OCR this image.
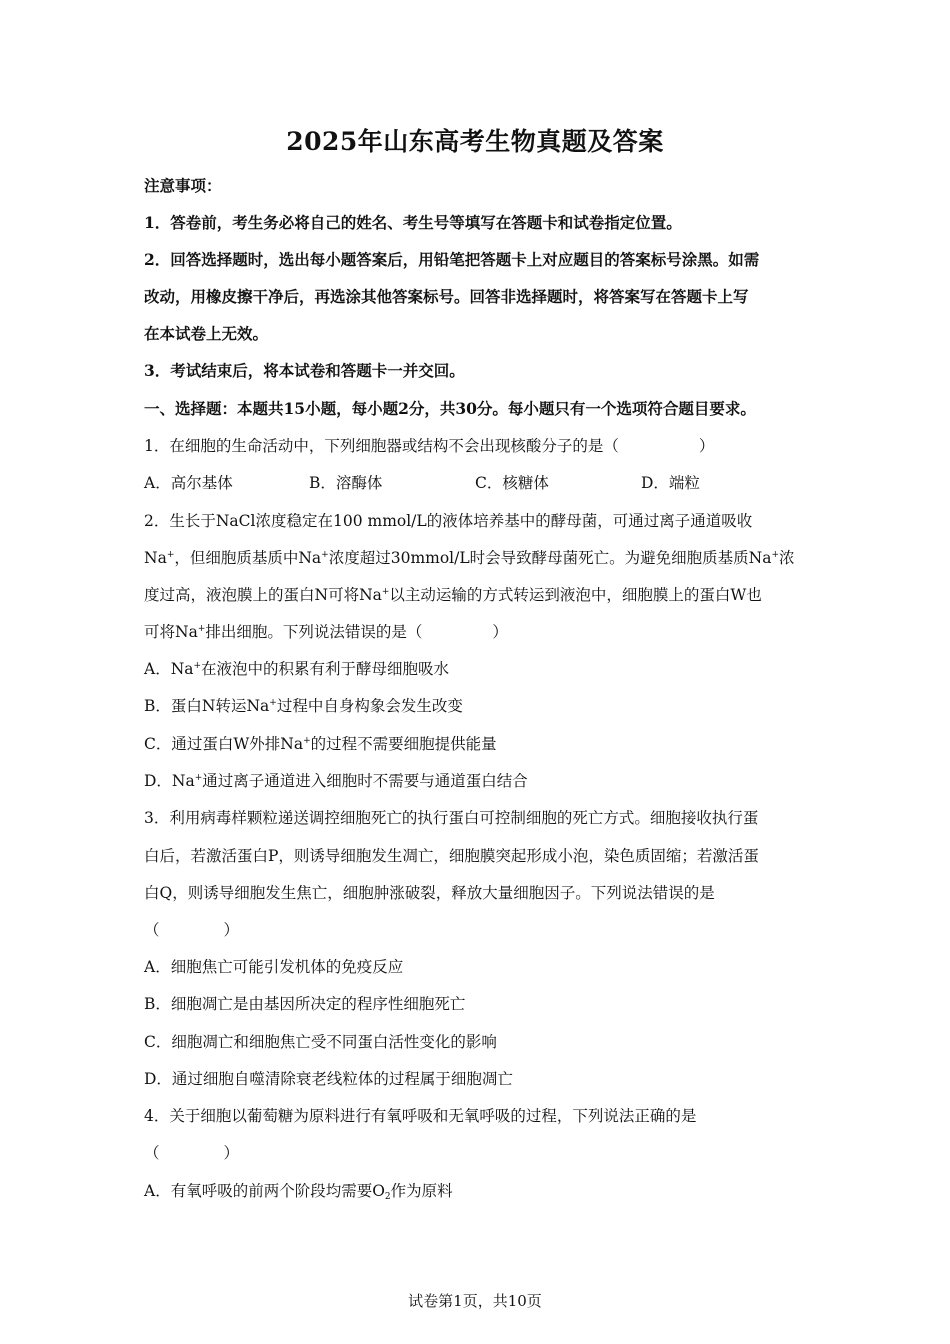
2025年山东高考生物真题及答案
注意事项：
1．答卷前，考生务必将自己的姓名、考生号等填写在答题卡和试卷指定位置。
2．回答选择题时，选出每小题答案后，用铅笔把答题卡上对应题目的答案标号涂黑。如需
改动，用橡皮擦干净后，再选涂其他答案标号。回答非选择题时，将答案写在答题卡上写
在本试卷上无效。
3．考试结束后，将本试卷和答题卡一并交回。
一、选择题：本题共15小题，每小题2分，共30分。每小题只有一个选项符合题目要求。
1．在细胞的生命活动中，下列细胞器或结构不会出现核酸分子的是（	）
A．高尔基体	B．溶酶体	C．核糖体	D．端粒
2．生长于NaCl浓度稳定在100 mmol/L的液体培养基中的酵母菌，可通过离子通道吸收
Na+，但细胞质基质中Na+浓度超过30mmol/L时会导致酵母菌死亡。为避免细胞质基质Na+浓
度过高，液泡膜上的蛋白N可将Na+以主动运输的方式转运到液泡中，细胞膜上的蛋白W也
可将Na+排出细胞。下列说法错误的是（	）
A．Na+在液泡中的积累有利于酵母细胞吸水
B．蛋白N转运Na+过程中自身构象会发生改变
C．通过蛋白W外排Na+的过程不需要细胞提供能量
D．Na+通过离子通道进入细胞时不需要与通道蛋白结合
3．利用病毒样颗粒递送调控细胞死亡的执行蛋白可控制细胞的死亡方式。细胞接收执行蛋
白后，若激活蛋白P，则诱导细胞发生凋亡，细胞膜突起形成小泡，染色质固缩；若激活蛋
白Q，则诱导细胞发生焦亡，细胞肿涨破裂，释放大量细胞因子。下列说法错误的是
（	）
A．细胞焦亡可能引发机体的免疫反应
B．细胞凋亡是由基因所决定的程序性细胞死亡
C．细胞凋亡和细胞焦亡受不同蛋白活性变化的影响
D．通过细胞自噬清除衰老线粒体的过程属于细胞凋亡
4．关于细胞以葡萄糖为原料进行有氧呼吸和无氧呼吸的过程，下列说法正确的是
（	）
A．有氧呼吸的前两个阶段均需要$O_2$作为原料
试卷第1页，共10页
